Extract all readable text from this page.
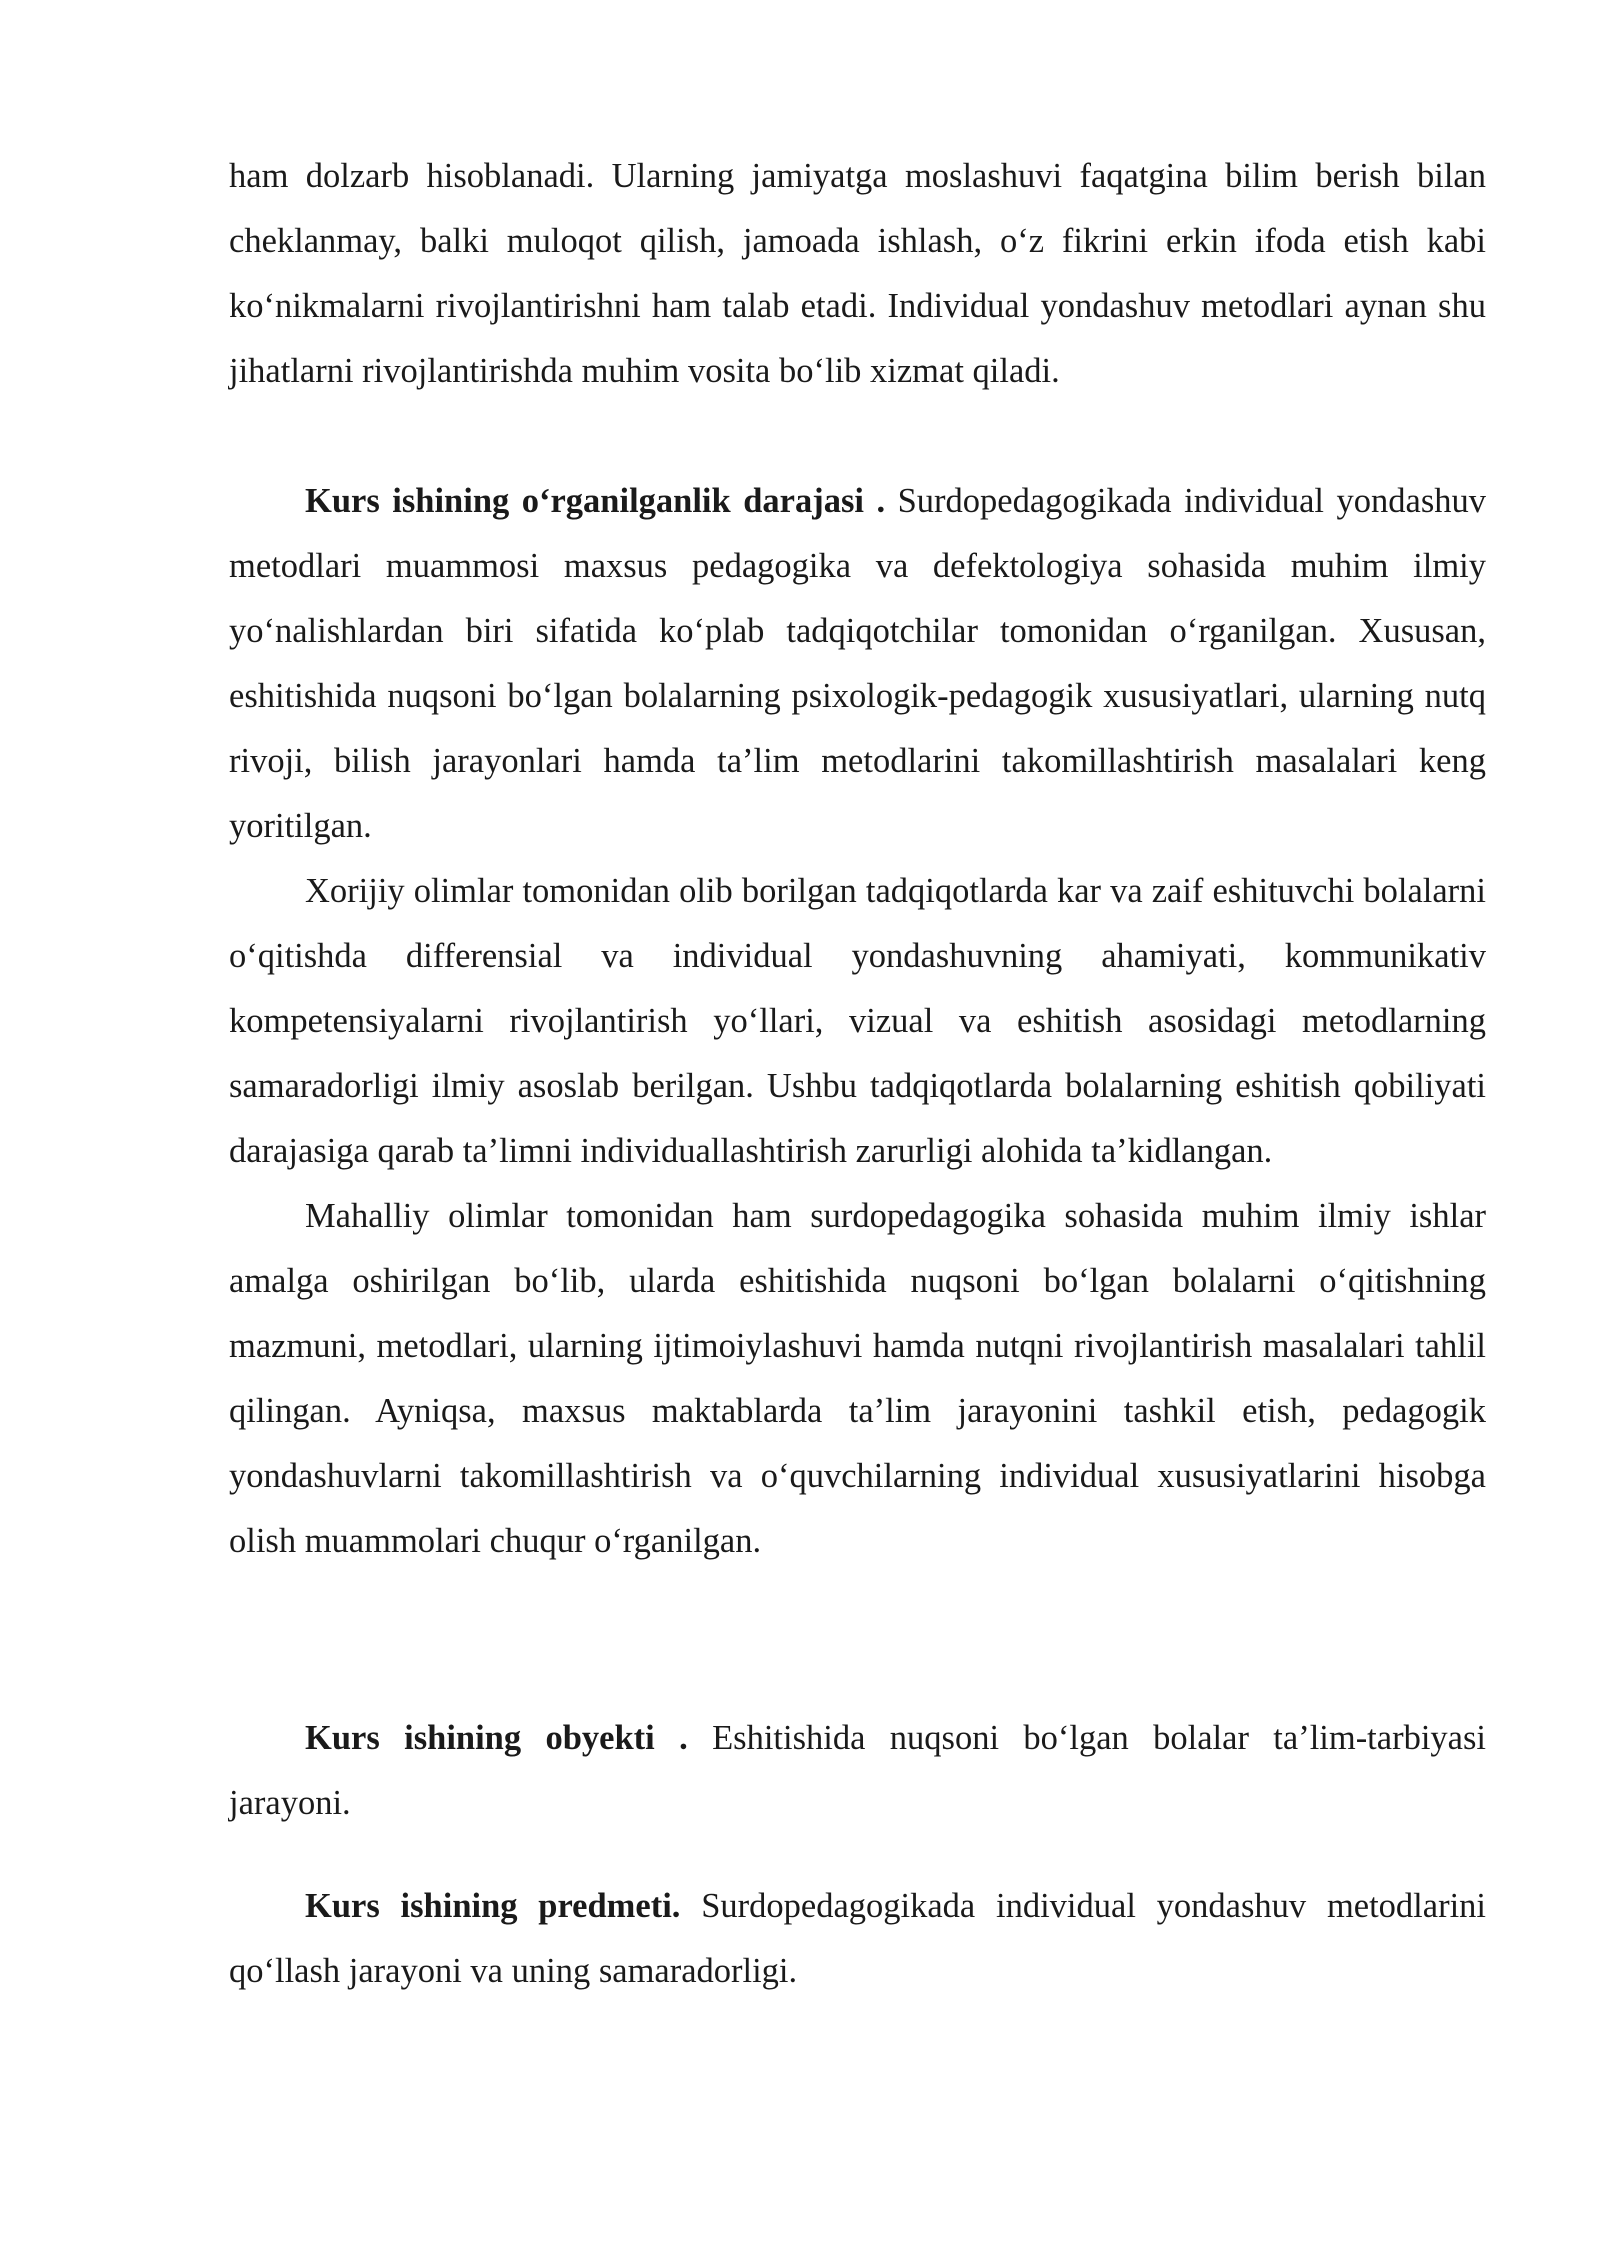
ham dolzarb hisoblanadi. Ularning jamiyatga moslashuvi faqatgina bilim berish bilan cheklanmay, balki muloqot qilish, jamoada ishlash, o‘z fikrini erkin ifoda etish kabi ko‘nikmalarni rivojlantirishni ham talab etadi. Individual yondashuv metodlari aynan shu jihatlarni rivojlantirishda muhim vosita bo‘lib xizmat qiladi.

Kurs ishining o‘rganilganlik darajasi . Surdopedagogikada individual yondashuv metodlari muammosi maxsus pedagogika va defektologiya sohasida muhim ilmiy yo‘nalishlardan biri sifatida ko‘plab tadqiqotchilar tomonidan o‘rganilgan. Xususan, eshitishida nuqsoni bo‘lgan bolalarning psixologik-pedagogik xususiyatlari, ularning nutq rivoji, bilish jarayonlari hamda ta’lim metodlarini takomillashtirish masalalari keng yoritilgan.

Xorijiy olimlar tomonidan olib borilgan tadqiqotlarda kar va zaif eshituvchi bolalarni o‘qitishda differensial va individual yondashuvning ahamiyati, kommunikativ kompetensiyalarni rivojlantirish yo‘llari, vizual va eshitish asosidagi metodlarning samaradorligi ilmiy asoslab berilgan. Ushbu tadqiqotlarda bolalarning eshitish qobiliyati darajasiga qarab ta’limni individuallashtirish zarurligi alohida ta’kidlangan.

Mahalliy olimlar tomonidan ham surdopedagogika sohasida muhim ilmiy ishlar amalga oshirilgan bo‘lib, ularda eshitishida nuqsoni bo‘lgan bolalarni o‘qitishning mazmuni, metodlari, ularning ijtimoiylashuvi hamda nutqni rivojlantirish masalalari tahlil qilingan. Ayniqsa, maxsus maktablarda ta’lim jarayonini tashkil etish, pedagogik yondashuvlarni takomillashtirish va o‘quvchilarning individual xususiyatlarini hisobga olish muammolari chuqur o‘rganilgan.

Kurs ishining obyekti . Eshitishida nuqsoni bo‘lgan bolalar ta’lim-tarbiyasi jarayoni.

Kurs ishining predmeti. Surdopedagogikada individual yondashuv metodlarini qo‘llash jarayoni va uning samaradorligi.
